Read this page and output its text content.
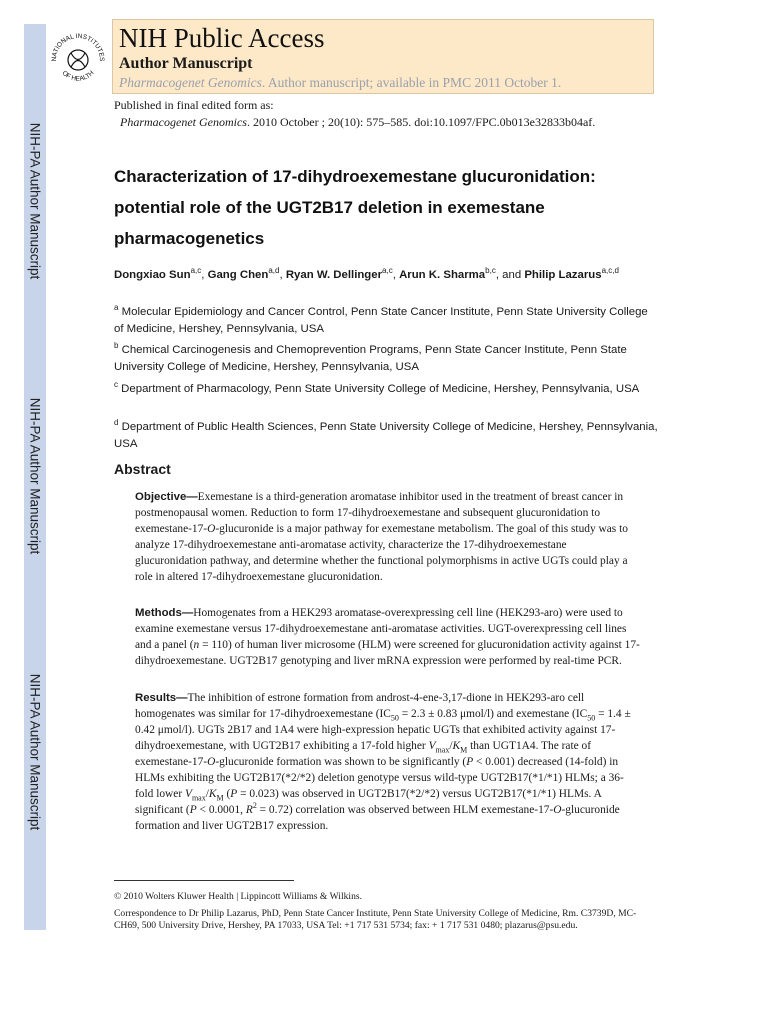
NIH-PA Author Manuscript
NIH-PA Author Manuscript
NIH-PA Author Manuscript
NATIONAL INSTITUTES
OF HEALTH
NIH Public Access
Author Manuscript
Pharmacogenet Genomics. Author manuscript; available in PMC 2011 October 1.
Published in final edited form as:
Pharmacogenet Genomics. 2010 October ; 20(10): 575–585. doi:10.1097/FPC.0b013e32833b04af.
Characterization of 17-dihydroexemestane glucuronidation: potential role of the UGT2B17 deletion in exemestane pharmacogenetics
Dongxiao Sun$^{a,c}$, Gang Chen$^{a,d}$, Ryan W. Dellinger$^{a,c}$, Arun K. Sharma$^{b,c}$, and Philip Lazarus$^{a,c,d}$
$^a$ Molecular Epidemiology and Cancer Control, Penn State Cancer Institute, Penn State University College of Medicine, Hershey, Pennsylvania, USA
$^b$ Chemical Carcinogenesis and Chemoprevention Programs, Penn State Cancer Institute, Penn State University College of Medicine, Hershey, Pennsylvania, USA
$^c$ Department of Pharmacology, Penn State University College of Medicine, Hershey, Pennsylvania, USA
$^d$ Department of Public Health Sciences, Penn State University College of Medicine, Hershey, Pennsylvania, USA
Abstract
Objective—Exemestane is a third-generation aromatase inhibitor used in the treatment of breast cancer in postmenopausal women. Reduction to form 17-dihydroexemestane and subsequent glucuronidation to exemestane-17-O-glucuronide is a major pathway for exemestane metabolism. The goal of this study was to analyze 17-dihydroexemestane anti-aromatase activity, characterize the 17-dihydroexemestane glucuronidation pathway, and determine whether the functional polymorphisms in active UGTs could play a role in altered 17-dihydroexemestane glucuronidation.
Methods—Homogenates from a HEK293 aromatase-overexpressing cell line (HEK293-aro) were used to examine exemestane versus 17-dihydroexemestane anti-aromatase activities. UGT-overexpressing cell lines and a panel (n = 110) of human liver microsome (HLM) were screened for glucuronidation activity against 17-dihydroexemestane. UGT2B17 genotyping and liver mRNA expression were performed by real-time PCR.
Results—The inhibition of estrone formation from androst-4-ene-3,17-dione in HEK293-aro cell homogenates was similar for 17-dihydroexemestane ($IC_{50} = 2.3 \pm 0.83$ μmol/l) and exemestane ($IC_{50} = 1.4 \pm 0.42$ μmol/l). UGTs 2B17 and 1A4 were high-expression hepatic UGTs that exhibited activity against 17-dihydroexemestane, with UGT2B17 exhibiting a 17-fold higher $V_{max}/K_M$ than UGT1A4. The rate of exemestane-17-O-glucuronide formation was shown to be significantly (P < 0.001) decreased (14-fold) in HLMs exhibiting the UGT2B17(*2/*2) deletion genotype versus wild-type UGT2B17(*1/*1) HLMs; a 36-fold lower $V_{max}/K_M$ (P = 0.023) was observed in UGT2B17(*2/*2) versus UGT2B17(*1/*1) HLMs. A significant (P < 0.0001, $R^2 = 0.72$) correlation was observed between HLM exemestane-17-O-glucuronide formation and liver UGT2B17 expression.
© 2010 Wolters Kluwer Health | Lippincott Williams & Wilkins.
Correspondence to Dr Philip Lazarus, PhD, Penn State Cancer Institute, Penn State University College of Medicine, Rm. C3739D, MC-CH69, 500 University Drive, Hershey, PA 17033, USA Tel: +1 717 531 5734; fax: + 1 717 531 0480; plazarus@psu.edu.
